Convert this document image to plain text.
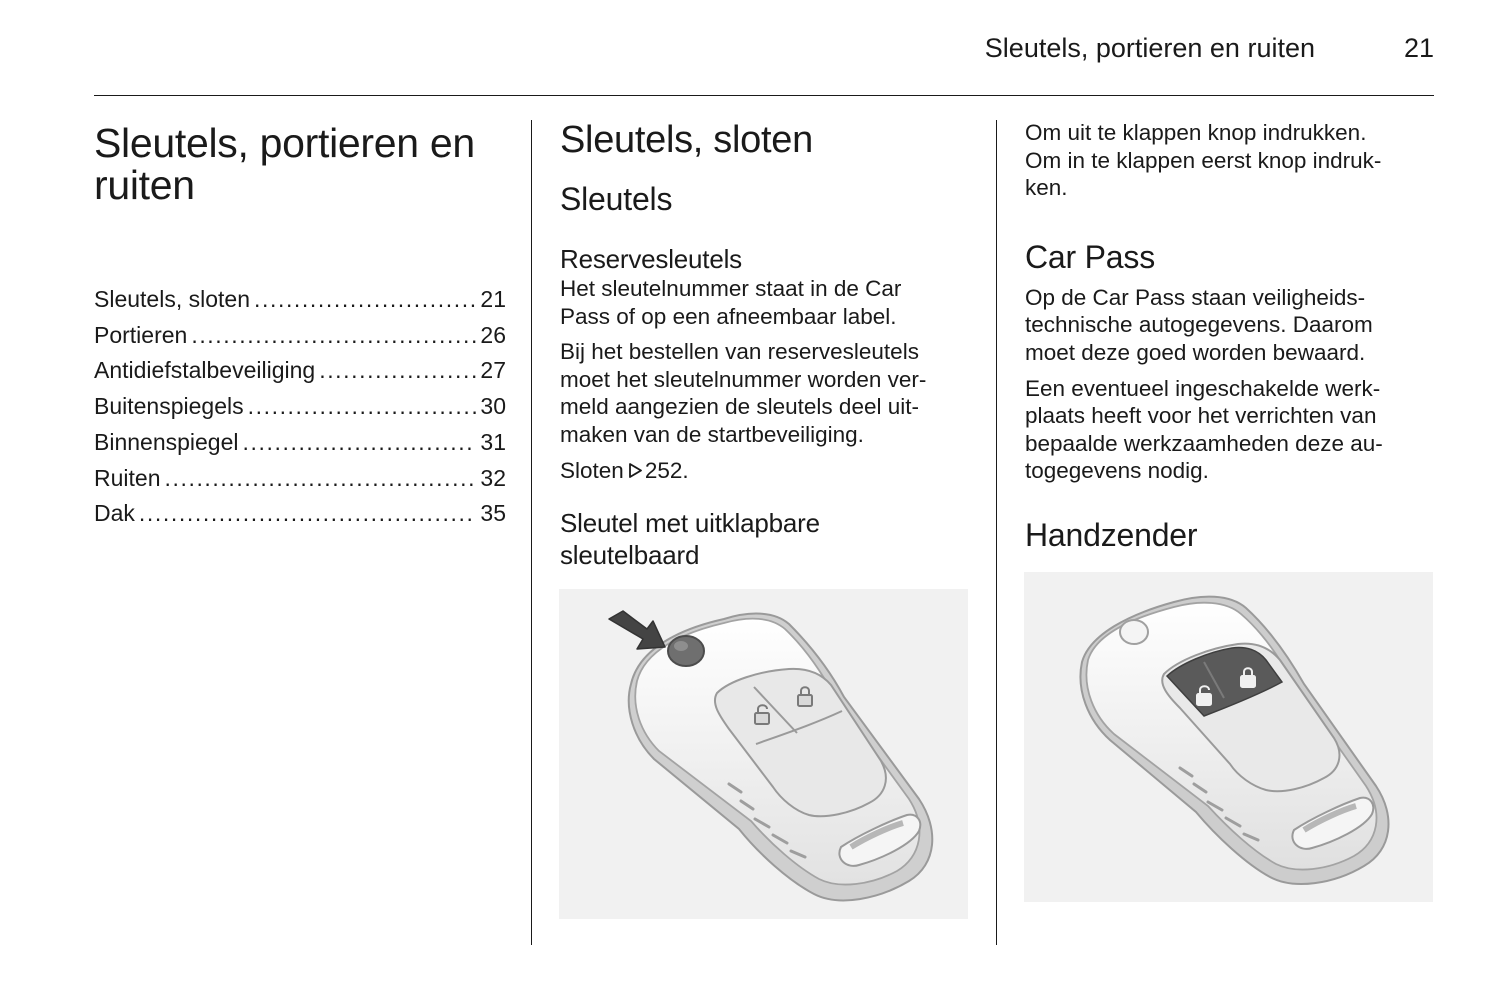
Sleutels, portieren en ruiten	21
Sleutels, portieren en
ruiten
Sleutels, sloten .....	21
Portieren .....	26
Antidiefstalbeveiliging .....	27
Buitenspiegels .....	30
Binnenspiegel .....	31
Ruiten .....	32
Dak .....	35
Sleutels, sloten
Sleutels
Reservesleutels

Het sleutelnummer staat in de Car
Pass of op een afneembaar label.

Bij het bestellen van reservesleutels
moet het sleutelnummer worden ver-
meld aangezien de sleutels deel uit-
maken van de startbeveiliging.

Sloten 252.

Sleutel met uitklapbare
sleutelbaard

Om uit te klappen knop indrukken.
Om in te klappen eerst knop indruk-
ken.

Car Pass

Op de Car Pass staan veiligheids-
technische autogegevens. Daarom
moet deze goed worden bewaard.

Een eventueel ingeschakelde werk-
plaats heeft voor het verrichten van
bepaalde werkzaamheden deze au-
togegevens nodig.

Handzender
